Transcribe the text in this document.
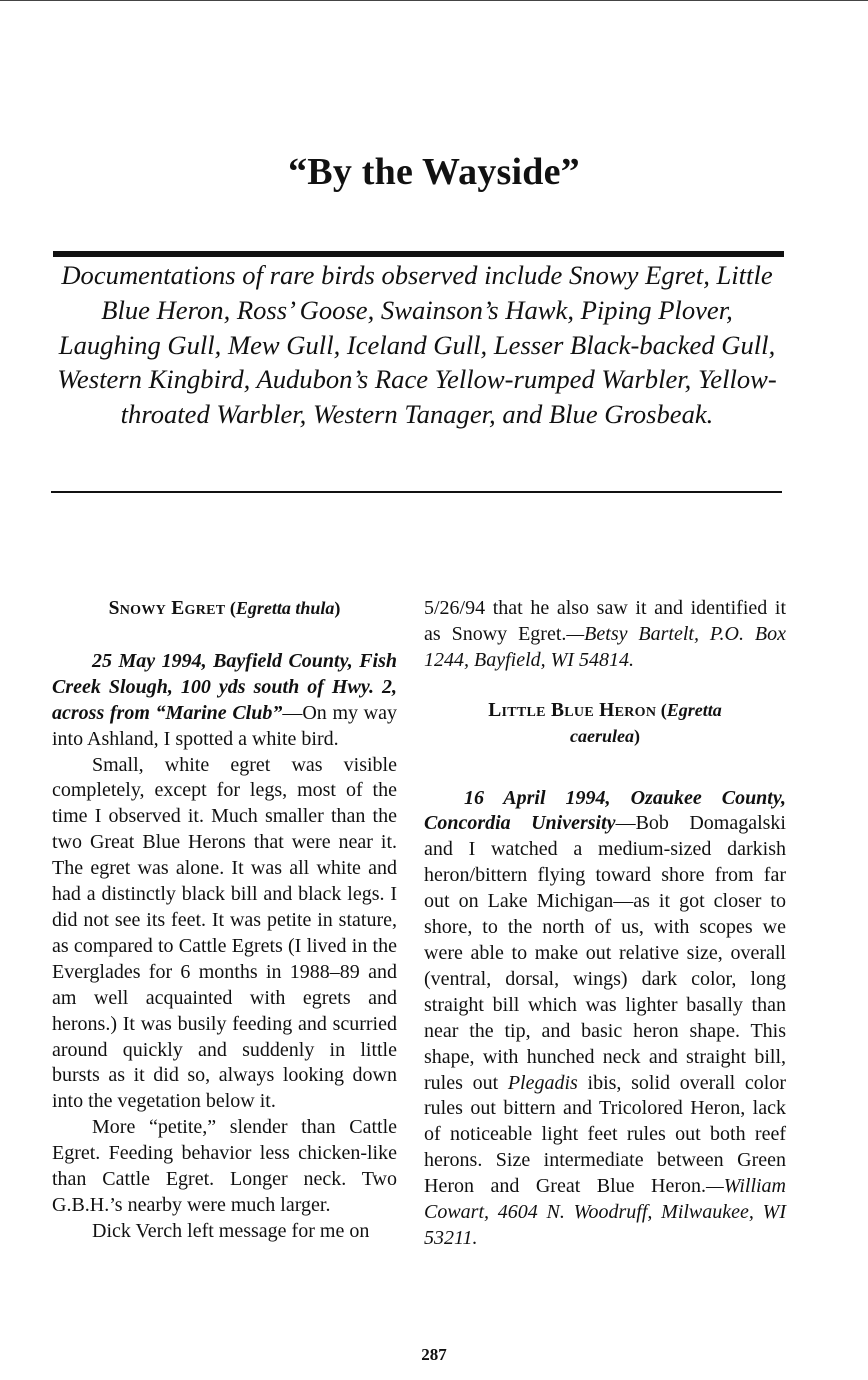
“By the Wayside”
Documentations of rare birds observed include Snowy Egret, Little Blue Heron, Ross’ Goose, Swainson’s Hawk, Piping Plover, Laughing Gull, Mew Gull, Iceland Gull, Lesser Black-backed Gull, Western Kingbird, Audubon’s Race Yellow-rumped Warbler, Yellow-throated Warbler, Western Tanager, and Blue Grosbeak.
Snowy Egret (Egretta thula)

25 May 1994, Bayfield County, Fish Creek Slough, 100 yds south of Hwy. 2, across from “Marine Club”—On my way into Ashland, I spotted a white bird.

Small, white egret was visible completely, except for legs, most of the time I observed it. Much smaller than the two Great Blue Herons that were near it. The egret was alone. It was all white and had a distinctly black bill and black legs. I did not see its feet. It was petite in stature, as compared to Cattle Egrets (I lived in the Everglades for 6 months in 1988–89 and am well acquainted with egrets and herons.) It was busily feeding and scurried around quickly and suddenly in little bursts as it did so, always looking down into the vegetation below it.

More “petite,” slender than Cattle Egret. Feeding behavior less chicken-like than Cattle Egret. Longer neck. Two G.B.H.’s nearby were much larger.

Dick Verch left message for me on

5/26/94 that he also saw it and identified it as Snowy Egret.—Betsy Bartelt, P.O. Box 1244, Bayfield, WI 54814.

Little Blue Heron (Egretta
caerulea)

16 April 1994, Ozaukee County, Concordia University—Bob Domagalski and I watched a medium-sized darkish heron/bittern flying toward shore from far out on Lake Michigan—as it got closer to shore, to the north of us, with scopes we were able to make out relative size, overall (ventral, dorsal, wings) dark color, long straight bill which was lighter basally than near the tip, and basic heron shape. This shape, with hunched neck and straight bill, rules out Plegadis ibis, solid overall color rules out bittern and Tricolored Heron, lack of noticeable light feet rules out both reef herons. Size intermediate between Green Heron and Great Blue Heron.—William Cowart, 4604 N. Woodruff, Milwaukee, WI 53211.

287
